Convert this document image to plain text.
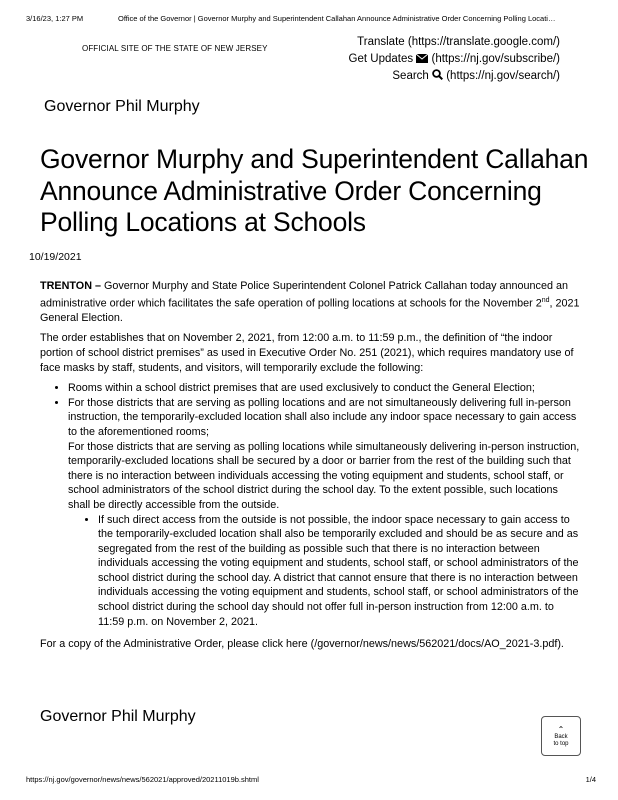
3/16/23, 1:27 PM	Office of the Governor | Governor Murphy and Superintendent Callahan Announce Administrative Order Concerning Polling Locati…
OFFICIAL SITE OF THE STATE OF NEW JERSEY
Translate (https://translate.google.com/)
Get Updates (https://nj.gov/subscribe/)
Search (https://nj.gov/search/)
Governor Phil Murphy
Governor Murphy and Superintendent Callahan Announce Administrative Order Concerning Polling Locations at Schools
10/19/2021

TRENTON – Governor Murphy and State Police Superintendent Colonel Patrick Callahan today announced an administrative order which facilitates the safe operation of polling locations at schools for the November 2nd, 2021 General Election.

The order establishes that on November 2, 2021, from 12:00 a.m. to 11:59 p.m., the definition of “the indoor portion of school district premises” as used in Executive Order No. 251 (2021), which requires mandatory use of face masks by staff, students, and visitors, will temporarily exclude the following:

• Rooms within a school district premises that are used exclusively to conduct the General Election;
• For those districts that are serving as polling locations and are not simultaneously delivering full in-person instruction, the temporarily-excluded location shall also include any indoor space necessary to gain access to the aforementioned rooms;
For those districts that are serving as polling locations while simultaneously delivering in-person instruction, temporarily-excluded locations shall be secured by a door or barrier from the rest of the building such that there is no interaction between individuals accessing the voting equipment and students, school staff, or school administrators of the school district during the school day. To the extent possible, such locations shall be directly accessible from the outside.
• If such direct access from the outside is not possible, the indoor space necessary to gain access to the temporarily-excluded location shall also be temporarily excluded and should be as secure and as segregated from the rest of the building as possible such that there is no interaction between individuals accessing the voting equipment and students, school staff, or school administrators of the school district during the school day. A district that cannot ensure that there is no interaction between individuals accessing the voting equipment and students, school staff, or school administrators of the school district during the school day should not offer full in-person instruction from 12:00 a.m. to 11:59 p.m. on November 2, 2021.

For a copy of the Administrative Order, please click here (/governor/news/news/562021/docs/AO_2021-3.pdf).

Governor Phil Murphy
⌃
Back
to top
https://nj.gov/governor/news/news/562021/approved/20211019b.shtml	1/4
